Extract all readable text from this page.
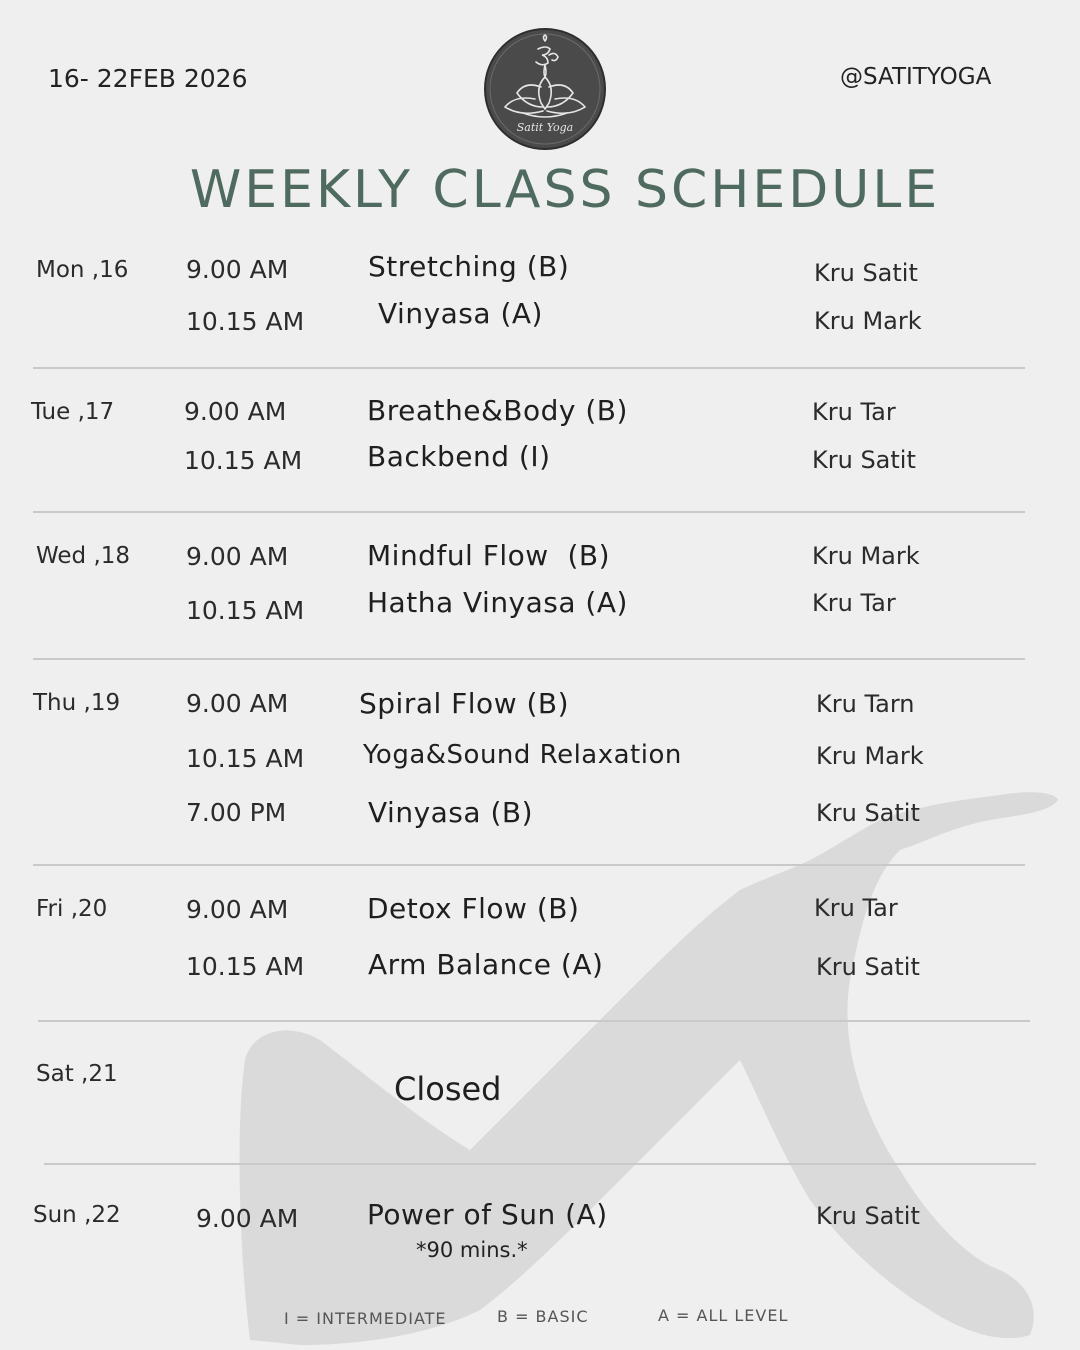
16- 22FEB 2026	@SATITYOGA
Satit Yoga
WEEKLY CLASS SCHEDULE
Mon ,16 9.00 AM	Stretching (B)	Kru Satit
10.15 AM	Vinyasa (A)	Kru Mark
Tue ,17	9.00 AM	Breathe&Body (B)	Kru Tar
10.15 AM Backbend (I)	Kru Satit
Wed ,18 9.00 AM	Mindful Flow  (B)	Kru Mark
10.15 AM Hatha Vinyasa (A)	Kru Tar
Thu ,19	9.00 AM	Spiral Flow (B)	Kru Tarn
10.15 AM Yoga&Sound Relaxation	Kru Mark
7.00 PM	Vinyasa (B)	Kru Satit
Fri ,20	9.00 AM	Detox Flow (B)	Kru Tar
10.15 AM Arm Balance (A)	Kru Satit
Sat ,21	Closed
Sun ,22	9.00 AM Power of Sun (A)	Kru Satit
*90 mins.*
I = INTERMEDIATE	B = BASIC	A = ALL LEVEL
